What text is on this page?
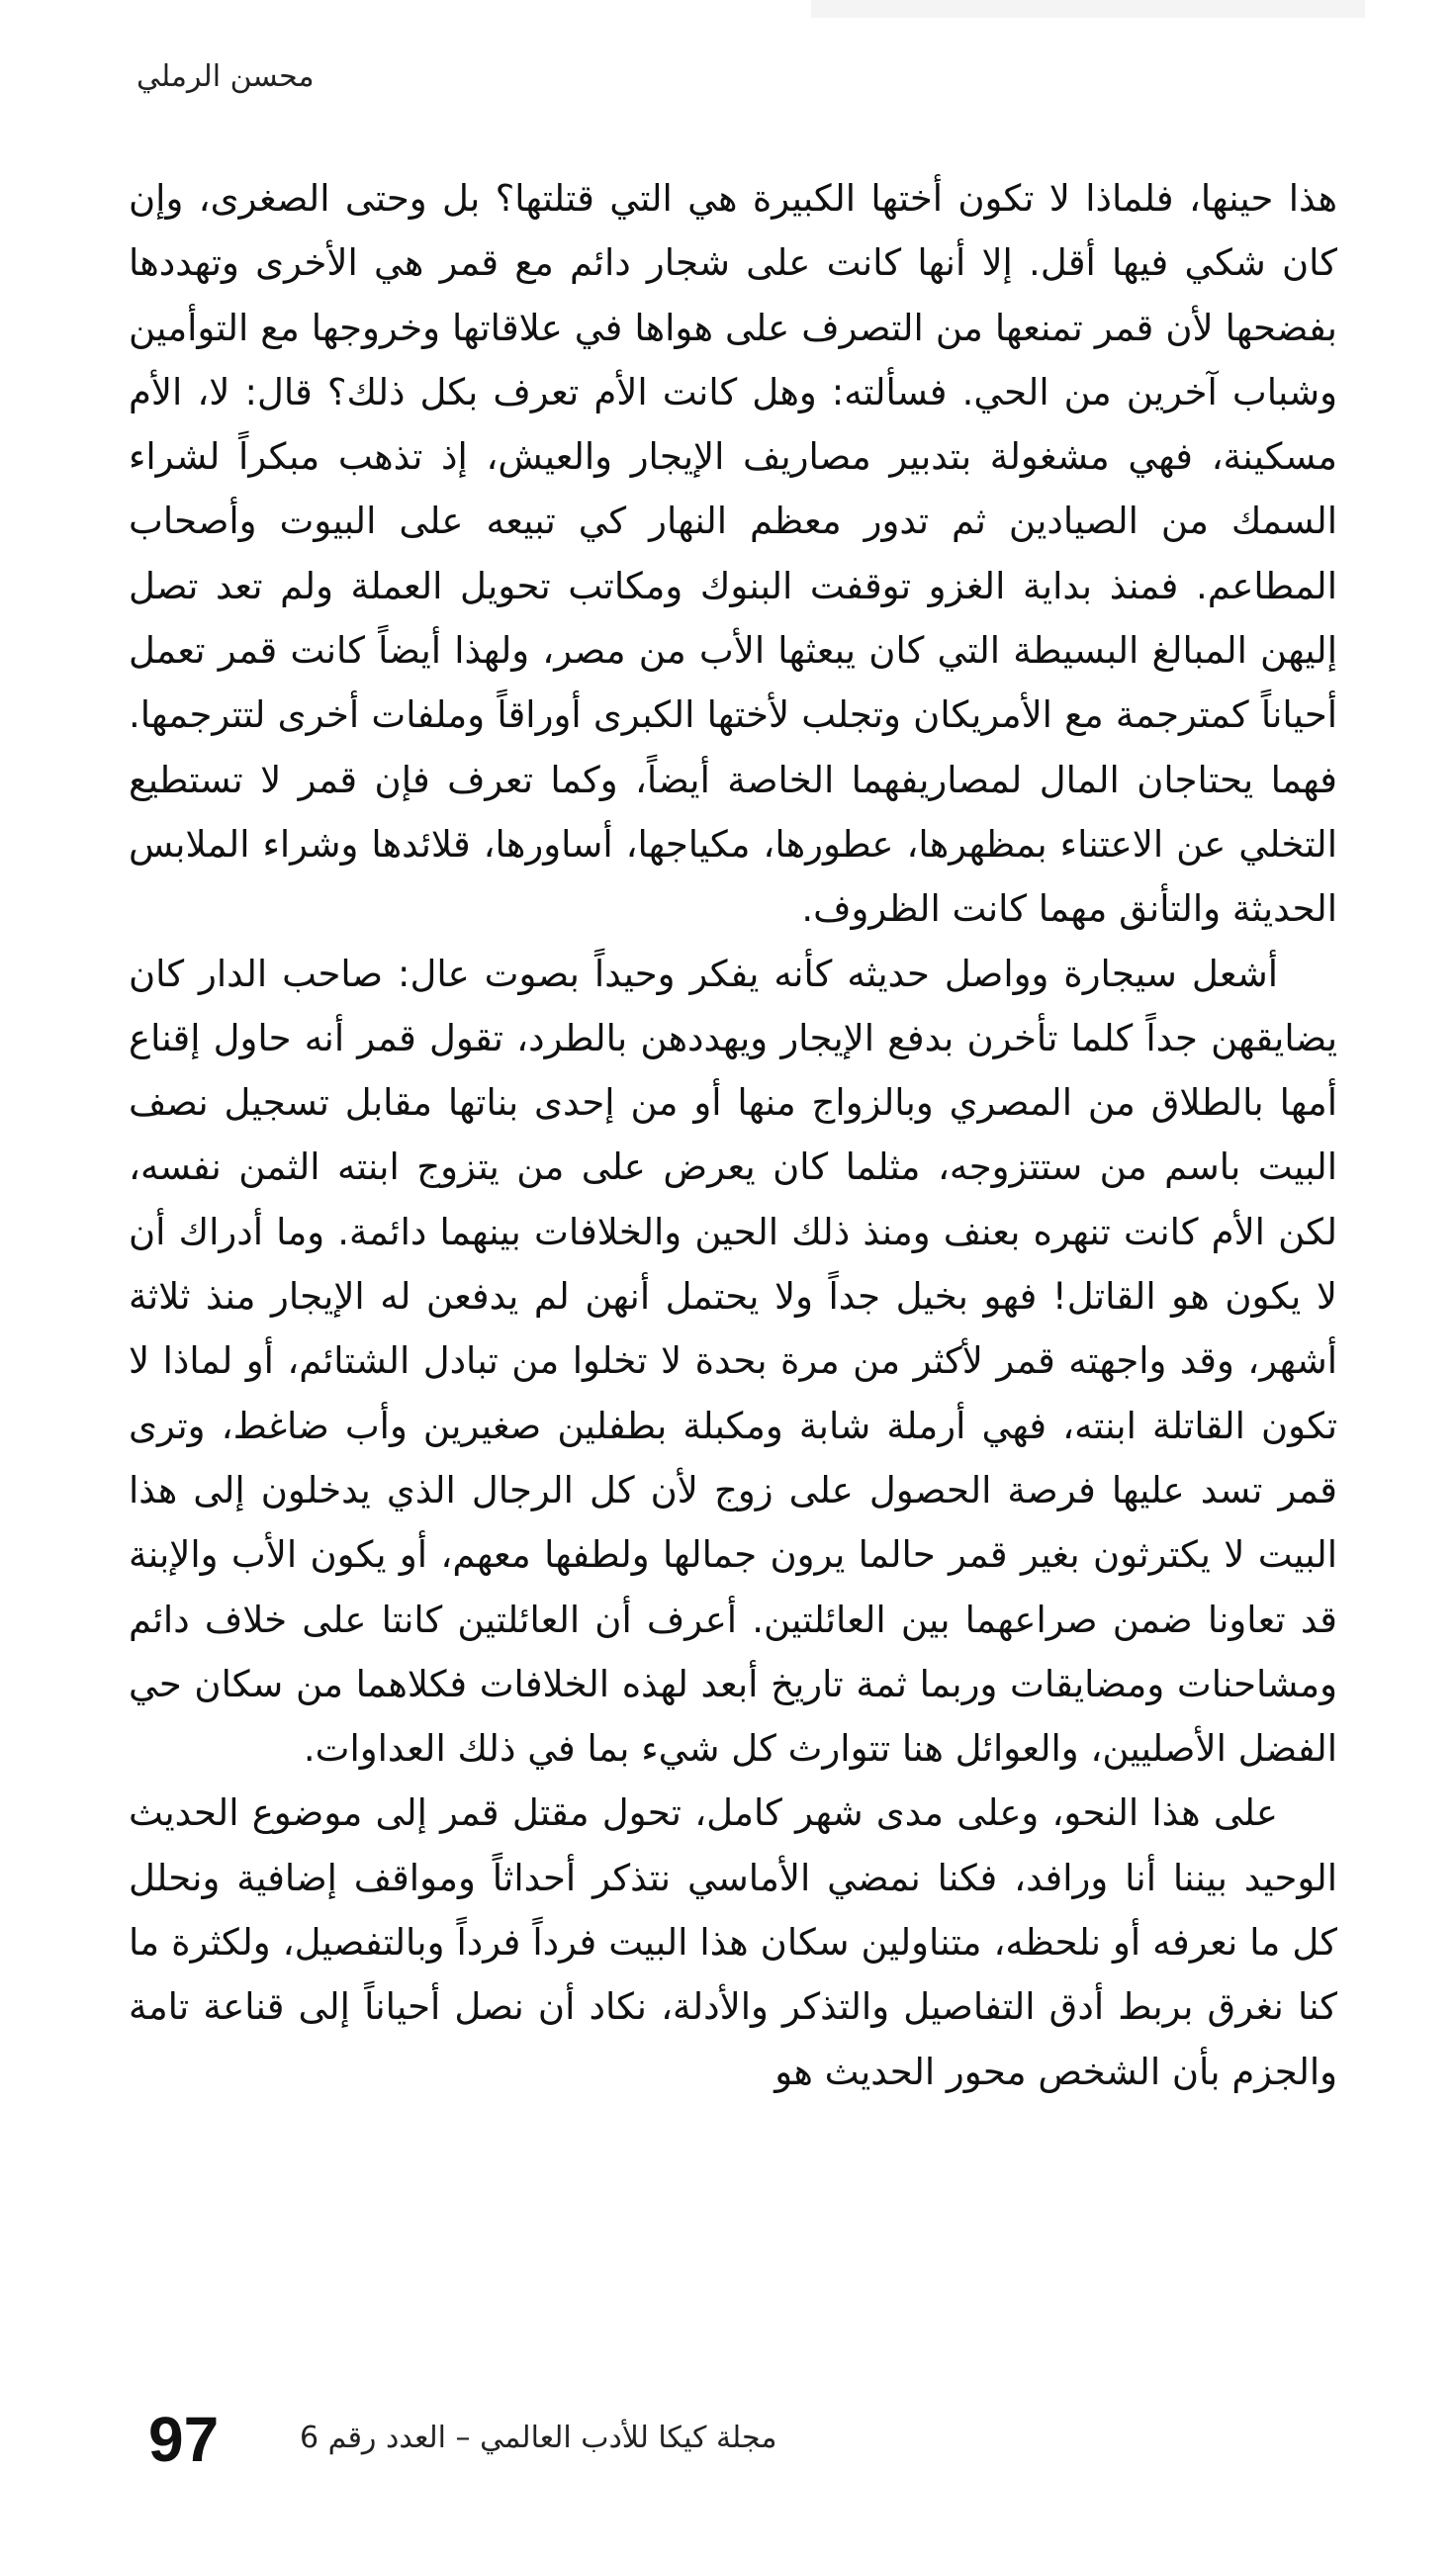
محسن الرملي

هذا حينها، فلماذا لا تكون أختها الكبيرة هي التي قتلتها؟ بل وحتى الصغرى، وإن كان شكي فيها أقل. إلا أنها كانت على شجار دائم مع قمر هي الأخرى وتهددها بفضحها لأن قمر تمنعها من التصرف على هواها في علاقاتها وخروجها مع التوأمين وشباب آخرين من الحي. فسألته: وهل كانت الأم تعرف بكل ذلك؟ قال: لا، الأم مسكينة، فهي مشغولة بتدبير مصاريف الإيجار والعيش، إذ تذهب مبكراً لشراء السمك من الصيادين ثم تدور معظم النهار كي تبيعه على البيوت وأصحاب المطاعم. فمنذ بداية الغزو توقفت البنوك ومكاتب تحويل العملة ولم تعد تصل إليهن المبالغ البسيطة التي كان يبعثها الأب من مصر، ولهذا أيضاً كانت قمر تعمل أحياناً كمترجمة مع الأمريكان وتجلب لأختها الكبرى أوراقاً وملفات أخرى لتترجمها. فهما يحتاجان المال لمصاريفهما الخاصة أيضاً، وكما تعرف فإن قمر لا تستطيع التخلي عن الاعتناء بمظهرها، عطورها، مكياجها، أساورها، قلائدها وشراء الملابس الحديثة والتأنق مهما كانت الظروف.

أشعل سيجارة وواصل حديثه كأنه يفكر وحيداً بصوت عال: صاحب الدار كان يضايقهن جداً كلما تأخرن بدفع الإيجار ويهددهن بالطرد، تقول قمر أنه حاول إقناع أمها بالطلاق من المصري وبالزواج منها أو من إحدى بناتها مقابل تسجيل نصف البيت باسم من ستتزوجه، مثلما كان يعرض على من يتزوج ابنته الثمن نفسه، لكن الأم كانت تنهره بعنف ومنذ ذلك الحين والخلافات بينهما دائمة. وما أدراك أن لا يكون هو القاتل! فهو بخيل جداً ولا يحتمل أنهن لم يدفعن له الإيجار منذ ثلاثة أشهر، وقد واجهته قمر لأكثر من مرة بحدة لا تخلوا من تبادل الشتائم، أو لماذا لا تكون القاتلة ابنته، فهي أرملة شابة ومكبلة بطفلين صغيرين وأب ضاغط، وترى قمر تسد عليها فرصة الحصول على زوج لأن كل الرجال الذي يدخلون إلى هذا البيت لا يكترثون بغير قمر حالما يرون جمالها ولطفها معهم، أو يكون الأب والإبنة قد تعاونا ضمن صراعهما بين العائلتين. أعرف أن العائلتين كانتا على خلاف دائم ومشاحنات ومضايقات وربما ثمة تاريخ أبعد لهذه الخلافات فكلاهما من سكان حي الفضل الأصليين، والعوائل هنا تتوارث كل شيء بما في ذلك العداوات.

على هذا النحو، وعلى مدى شهر كامل، تحول مقتل قمر إلى موضوع الحديث الوحيد بيننا أنا ورافد، فكنا نمضي الأماسي نتذكر أحداثاً ومواقف إضافية ونحلل كل ما نعرفه أو نلحظه، متناولين سكان هذا البيت فرداً فرداً وبالتفصيل، ولكثرة ما كنا نغرق بربط أدق التفاصيل والتذكر والأدلة، نكاد أن نصل أحياناً إلى قناعة تامة والجزم بأن الشخص محور الحديث هو

97	مجلة كيكا للأدب العالمي – العدد رقم 6
